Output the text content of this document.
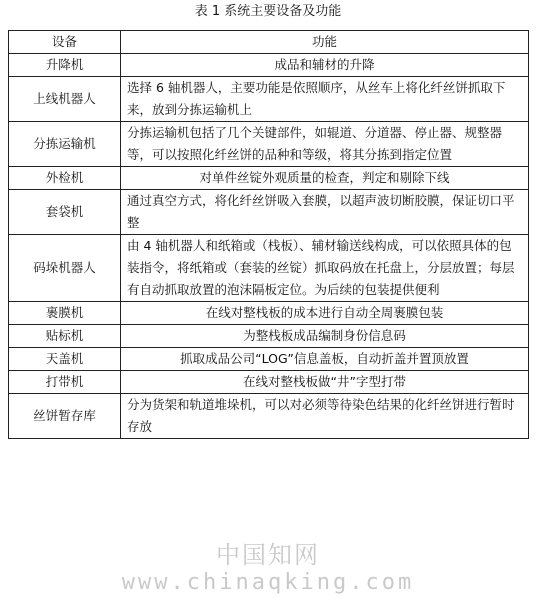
表 1 系统主要设备及功能
设备	功能
升降机	成品和辅材的升降
上线机器人	选择 6 轴机器人，主要功能是依照顺序，从丝车上将化纤丝饼抓取下来，放到分拣运输机上
分拣运输机	分拣运输机包括了几个关键部件，如辊道、分道器、停止器、规整器等，可以按照化纤丝饼的品种和等级，将其分拣到指定位置
外检机	对单件丝锭外观质量的检查，判定和剔除下线
套袋机	通过真空方式，将化纤丝饼吸入套膜，以超声波切断胶膜，保证切口平整
码垛机器人	由 4 轴机器人和纸箱或（栈板）、辅材输送线构成，可以依照具体的包装指令，将纸箱或（套装的丝锭）抓取码放在托盘上，分层放置；每层有自动抓取放置的泡沫隔板定位。为后续的包装提供便利
裹膜机	在线对整栈板的成本进行自动全周裹膜包装
贴标机	为整栈板成品编制身份信息码
天盖机	抓取成品公司“LOG”信息盖板，自动折盖并置顶放置
打带机	在线对整栈板做“井”字型打带
丝饼暂存库	分为货架和轨道堆垛机，可以对必须等待染色结果的化纤丝饼进行暂时存放
中国知网
www.chinaqking.com
